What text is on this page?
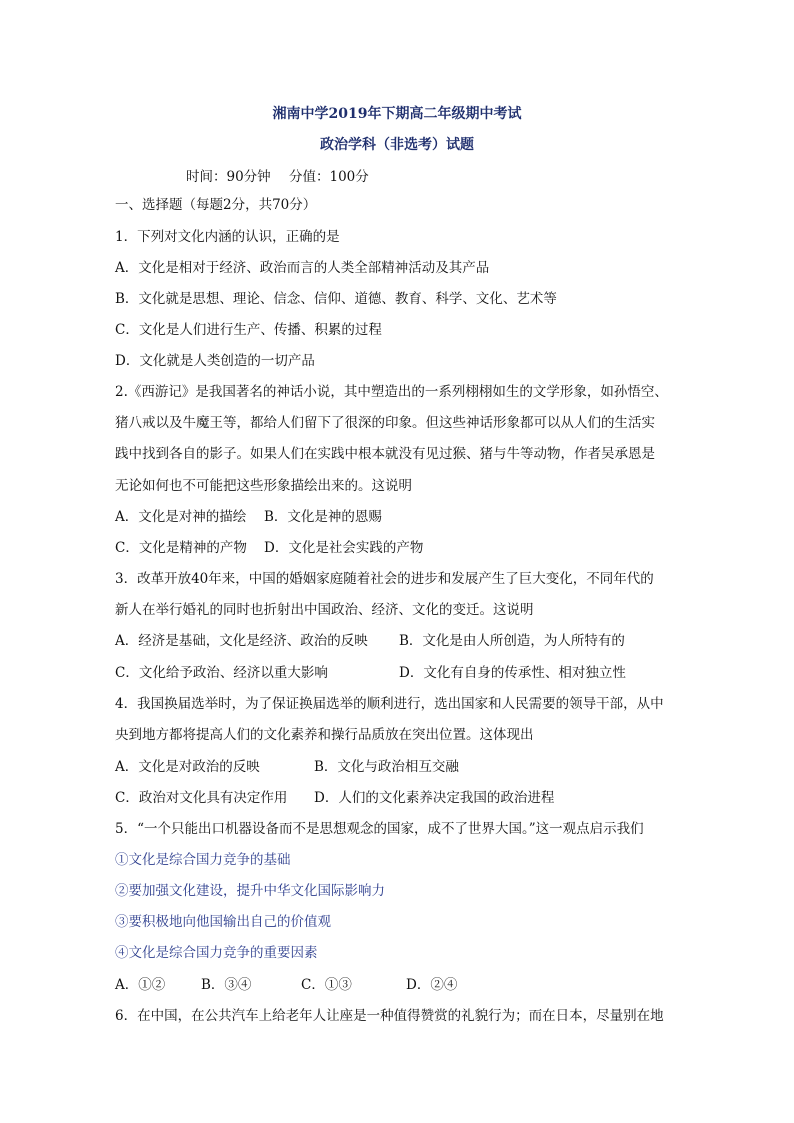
湘南中学2019年下期高二年级期中考试
政治学科（非选考）试题
时间：90分钟 分值：100分
一、选择题（每题2分，共70分）
1．下列对文化内涵的认识，正确的是
A．文化是相对于经济、政治而言的人类全部精神活动及其产品
B．文化就是思想、理论、信念、信仰、道德、教育、科学、文化、艺术等
C．文化是人们进行生产、传播、积累的过程
D．文化就是人类创造的一切产品
2.《西游记》是我国著名的神话小说，其中塑造出的一系列栩栩如生的文学形象，如孙悟空、
猪八戒以及牛魔王等，都给人们留下了很深的印象。但这些神话形象都可以从人们的生活实
践中找到各自的影子。如果人们在实践中根本就没有见过猴、猪与牛等动物，作者吴承恩是
无论如何也不可能把这些形象描绘出来的。这说明
A．文化是对神的描绘 B．文化是神的恩赐
C．文化是精神的产物 D．文化是社会实践的产物
3．改革开放40年来，中国的婚姻家庭随着社会的进步和发展产生了巨大变化，不同年代的
新人在举行婚礼的同时也折射出中国政治、经济、文化的变迁。这说明
A．经济是基础，文化是经济、政治的反映 B．文化是由人所创造，为人所特有的
C．文化给予政治、经济以重大影响	D．文化有自身的传承性、相对独立性
4．我国换届选举时，为了保证换届选举的顺利进行，选出国家和人民需要的领导干部，从中
央到地方都将提高人们的文化素养和操行品质放在突出位置。这体现出
A．文化是对政治的反映	B．文化与政治相互交融
C．政治对文化具有决定作用 D．人们的文化素养决定我国的政治进程
5．“一个只能出口机器设备而不是思想观念的国家，成不了世界大国。”这一观点启示我们
①文化是综合国力竞争的基础
②要加强文化建设，提升中华文化国际影响力
③要积极地向他国输出自己的价值观
④文化是综合国力竞争的重要因素
A．①②	B．③④	C．①③	D．②④
6．在中国，在公共汽车上给老年人让座是一种值得赞赏的礼貌行为；而在日本，尽量别在地
